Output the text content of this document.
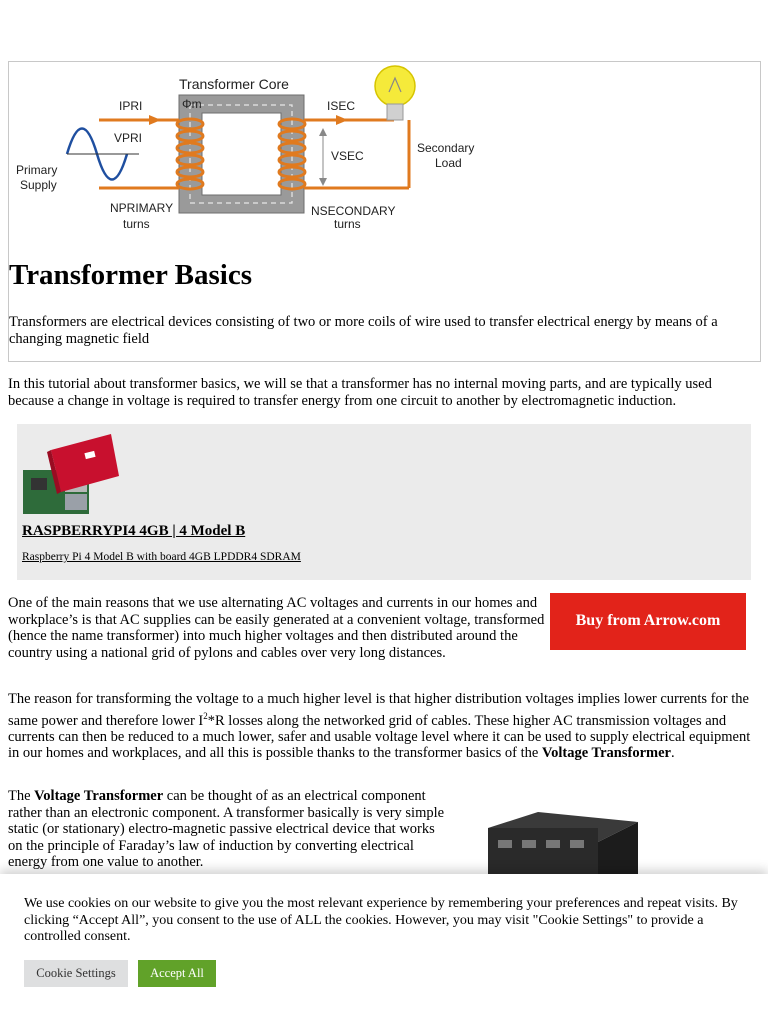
Transformer Core
Φm
IPRI
VPRI
ISEC
VSEC
Primary
Supply
Secondary
Load
NPRIMARY
turns
NSECONDARY
turns
Transformer Basics

Transformers are electrical devices consisting of two or more coils of wire used to transfer electrical energy by means of a changing magnetic field

In this tutorial about transformer basics, we will se that a transformer has no internal moving parts, and are typically used because a change in voltage is required to transfer energy from one circuit to another by electromagnetic induction.

RASPBERRYPI4 4GB | 4 Model B
Raspberry Pi 4 Model B with board 4GB LPDDR4 SDRAM

One of the main reasons that we use alternating AC voltages and currents in our homes and workplace’s is that AC supplies can be easily generated at a convenient voltage, transformed (hence the name transformer) into much higher voltages and then distributed around the country using a national grid of pylons and cables over very long distances.

Buy from Arrow.com

The reason for transforming the voltage to a much higher level is that higher distribution voltages implies lower currents for the same power and therefore lower $I^2*R$ losses along the networked grid of cables. These higher AC transmission voltages and currents can then be reduced to a much lower, safer and usable voltage level where it can be used to supply electrical equipment in our homes and workplaces, and all this is possible thanks to the transformer basics of the Voltage Transformer.

The Voltage Transformer can be thought of as an electrical component rather than an electronic component. A transformer basically is very simple static (or stationary) electro-magnetic passive electrical device that works on the principle of Faraday’s law of induction by converting electrical energy from one value to another.

We use cookies on our website to give you the most relevant experience by remembering your preferences and repeat visits. By clicking “Accept All”, you consent to the use of ALL the cookies. However, you may visit "Cookie Settings" to provide a controlled consent.

Cookie Settings	Accept All
